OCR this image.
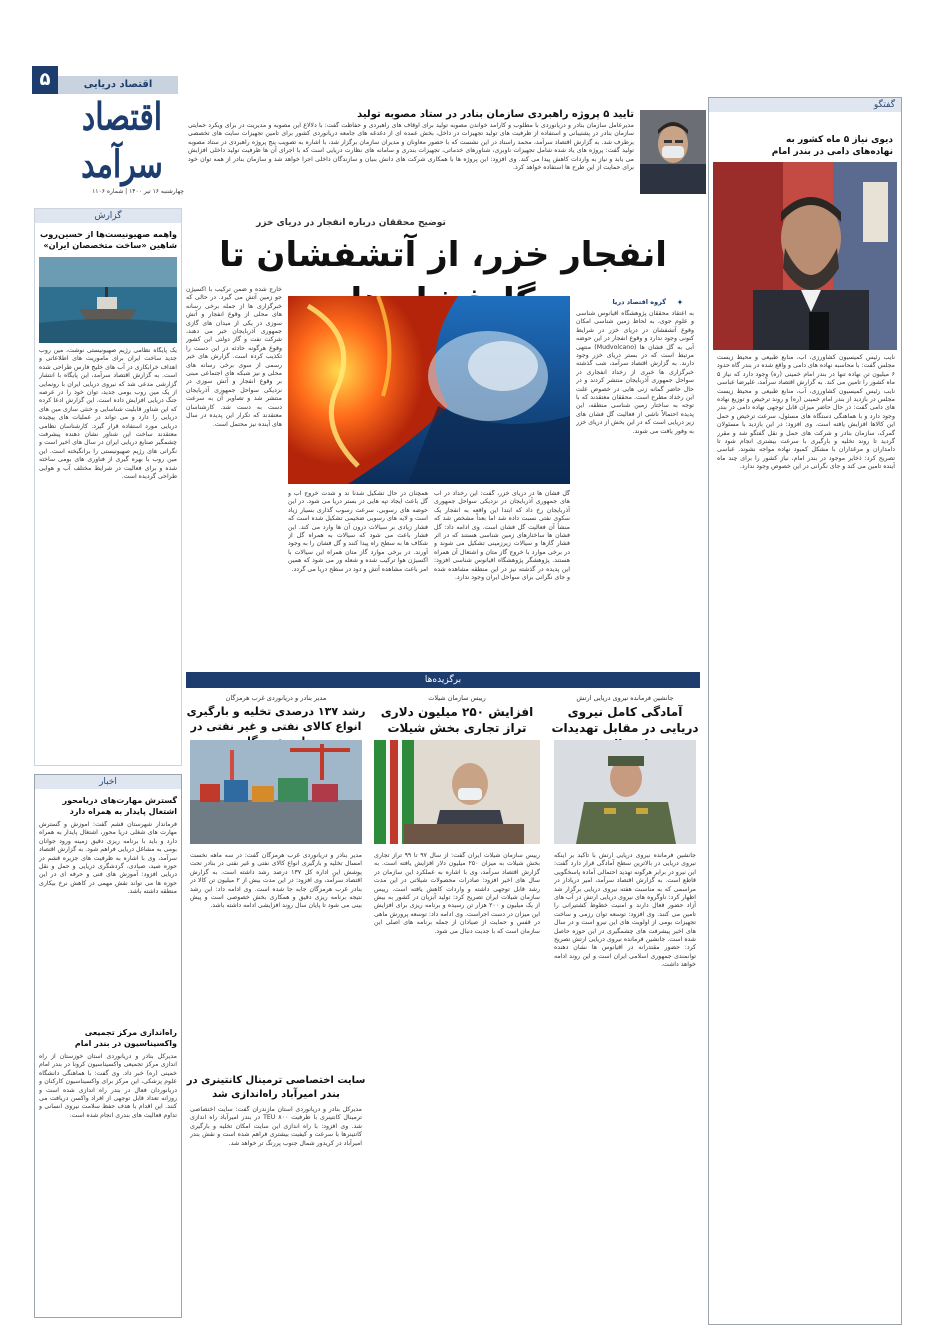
۵	اقتصاد دریایی
اقتصاد سرآمد
چهارشنبه ۱۶ تیر ۱۴۰۰ | شماره ۱۱۰۶
تایید ۵ پروژه راهبردی سازمان بنادر در ستاد مصوبه تولید
مدیرعامل سازمان بنادر و دریانوردی با مطلوب و کارآمد خواندن مصوبه تولید برای اوقاف های راهبردی و حفاظت گفت: با دلالاع این مصوبه و مدیریت در برای ویکرد حمایتی سازمان بنادر در پشتیبانی و استفاده از ظرفیت های تولید تجهیزات در داخل، بخش عمده ای از دغدغه های جامعه دریانوردی کشور برای تامین تجهیزات سایت های تخصصی برطرف شد. به گزارش اقتصاد سرآمد، محمد راستاد در این نشست که با حضور معاونان و مدیران سازمان برگزار شد، با اشاره به تصویب پنج پروژه راهبردی در ستاد مصوبه تولید گفت: پروژه های یاد شده شامل تجهیزات ناوبری، شناورهای خدماتی، تجهیزات بندری و سامانه های نظارت دریایی است که با اجرای آن ها ظرفیت تولید داخلی افزایش می یابد و نیاز به واردات کاهش پیدا می کند. وی افزود: این پروژه ها با همکاری شرکت های دانش بنیان و سازندگان داخلی اجرا خواهد شد و سازمان بنادر از همه توان خود برای حمایت از این طرح ها استفاده خواهد کرد.
گفتگو
دیوی نیاز ۵ ماه کشور به نهاده‌های دامی در بندر امام
نایب رئیس کمیسیون کشاورزی، آب، منابع طبیعی و محیط زیست مجلس گفت: با محاسبه نهاده های دامی و واقع شده در بندر گاه حدود ۶ میلیون تن نهاده تنها در بندر امام خمینی (ره) وجود دارد که نیاز ۵ ماه کشور را تامین می کند. به گزارش اقتصاد سرآمد، علیرضا عباسی نایب رئیس کمیسیون کشاورزی، آب، منابع طبیعی و محیط زیست مجلس در بازدید از بندر امام خمینی (ره) و روند ترخیص و توزیع نهاده های دامی گفت: در حال حاضر میزان قابل توجهی نهاده دامی در بندر وجود دارد و با هماهنگی دستگاه های مسئول، سرعت ترخیص و حمل این کالاها افزایش یافته است. وی افزود: در این بازدید با مسئولان گمرک، سازمان بنادر و شرکت های حمل و نقل گفتگو شد و مقرر گردید تا روند تخلیه و بارگیری با سرعت بیشتری انجام شود تا دامداران و مرغداران با مشکل کمبود نهاده مواجه نشوند. عباسی تصریح کرد: ذخایر موجود در بندر امام، نیاز کشور را برای چند ماه آینده تامین می کند و جای نگرانی در این خصوص وجود ندارد.
توضیح محققان درباره انفجار در دریای خزر
انفجار خزر، از آتشفشان تا
✦
گروه اقتصاد دریا
به اعتقاد محققان پژوهشگاه اقیانوس شناسی و علوم جوی، به لحاظ زمین شناسی امکان وقوع آتشفشان در دریای خزر در شرایط کنونی وجود ندارد و وقوع انفجار در این حوضه آبی به گل فشان ها (Mudvolcano) منتهی مرتبط است که در بستر دریای خزر وجود دارند. به گزارش اقتصاد سرآمد، شب گذشته خبرگزاری ها خبری از رخداد انفجاری در سواحل جمهوری آذربایجان منتشر کردند و در حال حاضر گمانه زنی هایی در خصوص علت این رخداد مطرح است. محققان معتقدند که با توجه به ساختار زمین شناسی منطقه، این پدیده احتمالاً ناشی از فعالیت گل فشان های زیر دریایی است که در این بخش از دریای خزر به وفور یافت می شوند.
گل فشان ها در دریای خزر، گفت: این رخداد در آب های جمهوری آذربایجان در نزدیکی سواحل جمهوری آذربایجان رخ داد که ابتدا این واقعه به انفجار یک سکوی نفتی نسبت داده شد اما بعداً مشخص شد که منشأ آن فعالیت گل فشان است. وی ادامه داد: گل فشان ها ساختارهای زمین شناسی هستند که در اثر فشار گازها و سیالات زیرزمینی تشکیل می شوند و در برخی موارد با خروج گاز متان و اشتعال آن همراه هستند. پژوهشگر پژوهشگاه اقیانوس شناسی افزود: این پدیده در گذشته نیز در این منطقه مشاهده شده و جای نگرانی برای سواحل ایران وجود ندارد.
همچنان در حال تشکیل شدنا ند و شدت خروج آب و گل باعث ایجاد تپه هایی در بستر دریا می شود. در این حوضه های رسوبی، سرعت رسوب گذاری بسیار زیاد است و لایه های رسوبی ضخیمی تشکیل شده است که فشار زیادی بر سیالات درون آن ها وارد می کند. این فشار باعث می شود که سیالات به همراه گل از شکاف ها به سطح راه پیدا کنند و گل فشان را به وجود آورند. در برخی موارد گاز متان همراه این سیالات با اکسیژن هوا ترکیب شده و شعله ور می شود که همین امر باعث مشاهده آتش و دود در سطح دریا می گردد.
خارج شده و ضمن ترکیب با اکسیژن جو زمین آتش می گیرد. در حالی که خبرگزاری ها از جمله برخی رسانه های محلی از وقوع انفجار و آتش سوزی در یکی از میدان های گازی جمهوری آذربایجان خبر می دهند، شرکت نفت و گاز دولتی این کشور وقوع هرگونه حادثه در این دست را تکذیب کرده است. گزارش های خبر رسمی از سوی برخی رسانه های محلی و نیز شبکه های اجتماعی مبنی بر وقوع انفجار و آتش سوزی در نزدیکی سواحل جمهوری آذربایجان منتشر شد و تصاویر آن به سرعت دست به دست شد. کارشناسان معتقدند که تکرار این پدیده در سال های آینده نیز محتمل است.
گزارش
واهمه صهیونیست‌ها از حسین‌روب شاهین «ساخت متخصصان ایران»
یک پایگاه نظامی رژیم صهیونیستی نوشت، مین روب جدید ساخت ایران برای ماموریت های اطلاعاتی و اهداف خرابکاری در آب های خلیج فارس طراحی شده است. به گزارش اقتصاد سرآمد، این پایگاه با انتشار گزارشی مدعی شد که نیروی دریایی ایران با رونمایی از یک مین روب بومی جدید، توان خود را در عرصه جنگ دریایی افزایش داده است. این گزارش ادعا کرده که این شناور قابلیت شناسایی و خنثی سازی مین های دریایی را دارد و می تواند در عملیات های پیچیده دریایی مورد استفاده قرار گیرد. کارشناسان نظامی معتقدند ساخت این شناور نشان دهنده پیشرفت چشمگیر صنایع دریایی ایران در سال های اخیر است و نگرانی های رژیم صهیونیستی را برانگیخته است. این مین روب با بهره گیری از فناوری های بومی ساخته شده و برای فعالیت در شرایط مختلف آب و هوایی طراحی گردیده است.
اخبار
گسترش مهارت‌های دریامحور اشتغال پایدار به همراه دارد
فرماندار شهرستان قشم گفت: آموزش و گسترش مهارت های شغلی دریا محور، اشتغال پایدار به همراه دارد و باید با برنامه ریزی دقیق زمینه ورود جوانان بومی به مشاغل دریایی فراهم شود. به گزارش اقتصاد سرآمد، وی با اشاره به ظرفیت های جزیره قشم در حوزه صید، صیادی، گردشگری دریایی و حمل و نقل دریایی افزود: آموزش های فنی و حرفه ای در این حوزه ها می تواند نقش مهمی در کاهش نرخ بیکاری منطقه داشته باشد.
راه‌اندازی مرکز تجمیعی واکسیناسیون در بندر امام
مدیرکل بنادر و دریانوردی استان خوزستان از راه اندازی مرکز تجمیعی واکسیناسیون کرونا در بندر امام خمینی (ره) خبر داد. وی گفت: با هماهنگی دانشگاه علوم پزشکی، این مرکز برای واکسیناسیون کارکنان و دریانوردان فعال در بندر راه اندازی شده است و روزانه تعداد قابل توجهی از افراد واکسن دریافت می کنند. این اقدام با هدف حفظ سلامت نیروی انسانی و تداوم فعالیت های بندری انجام شده است.
برگزیده‌ها
جانشین فرمانده نیروی دریایی ارتش
آمادگی کامل نیروی دریایی در مقابل تهدیدات
جانشین فرمانده نیروی دریایی ارتش با تاکید بر اینکه نیروی دریایی در بالاترین سطح آمادگی قرار دارد گفت: این نیرو در برابر هرگونه تهدید احتمالی آماده پاسخگویی قاطع است. به گزارش اقتصاد سرآمد، امیر دریادار در مراسمی که به مناسبت هفته نیروی دریایی برگزار شد اظهار کرد: ناوگروه های نیروی دریایی ارتش در آب های آزاد حضور فعال دارند و امنیت خطوط کشتیرانی را تامین می کنند. وی افزود: توسعه توان رزمی و ساخت تجهیزات بومی از اولویت های این نیرو است و در سال های اخیر پیشرفت های چشمگیری در این حوزه حاصل شده است. جانشین فرمانده نیروی دریایی ارتش تصریح کرد: حضور مقتدرانه در اقیانوس ها نشان دهنده توانمندی جمهوری اسلامی ایران است و این روند ادامه خواهد داشت.
رییس سازمان شیلات
افزایش ۲۵۰ میلیون دلاری تراز تجاری بخش شیلات
رییس سازمان شیلات ایران گفت: از سال ۹۷ تا ۹۹ تراز تجاری بخش شیلات به میزان ۲۵۰ میلیون دلار افزایش یافته است. به گزارش اقتصاد سرآمد، وی با اشاره به عملکرد این سازمان در سال های اخیر افزود: صادرات محصولات شیلاتی در این مدت رشد قابل توجهی داشته و واردات کاهش یافته است. رییس سازمان شیلات ایران تصریح کرد: تولید آبزیان در کشور به بیش از یک میلیون و ۲۰۰ هزار تن رسیده و برنامه ریزی برای افزایش این میزان در دست اجراست. وی ادامه داد: توسعه پرورش ماهی در قفس و حمایت از صیادان از جمله برنامه های اصلی این سازمان است که با جدیت دنبال می شود.
مدیر بنادر و دریانوردی غرب هرمزگان
رشد ۱۳۷ درصدی تخلیه و بارگیری انواع کالای نفتی و غیر نفتی در
مدیر بنادر و دریانوردی غرب هرمزگان گفت: در سه ماهه نخست امسال تخلیه و بارگیری انواع کالای نفتی و غیر نفتی در بنادر تحت پوشش این اداره کل ۱۳۷ درصد رشد داشته است. به گزارش اقتصاد سرآمد، وی افزود: در این مدت بیش از ۲ میلیون تن کالا در بنادر غرب هرمزگان جابه جا شده است. وی ادامه داد: این رشد نتیجه برنامه ریزی دقیق و همکاری بخش خصوصی است و پیش بینی می شود تا پایان سال روند افزایشی ادامه داشته باشد.
سایت اختصاصی ترمینال کانتینری در بندر امیرآباد راه‌اندازی شد
مدیرکل بنادر و دریانوردی استان مازندران گفت: سایت اختصاصی ترمینال کانتینری با ظرفیت ۸۰۰ TEU در بندر امیرآباد راه اندازی شد. وی افزود: با راه اندازی این سایت امکان تخلیه و بارگیری کانتینرها با سرعت و کیفیت بیشتری فراهم شده است و نقش بندر امیرآباد در کریدور شمال جنوب پررنگ تر خواهد شد.
